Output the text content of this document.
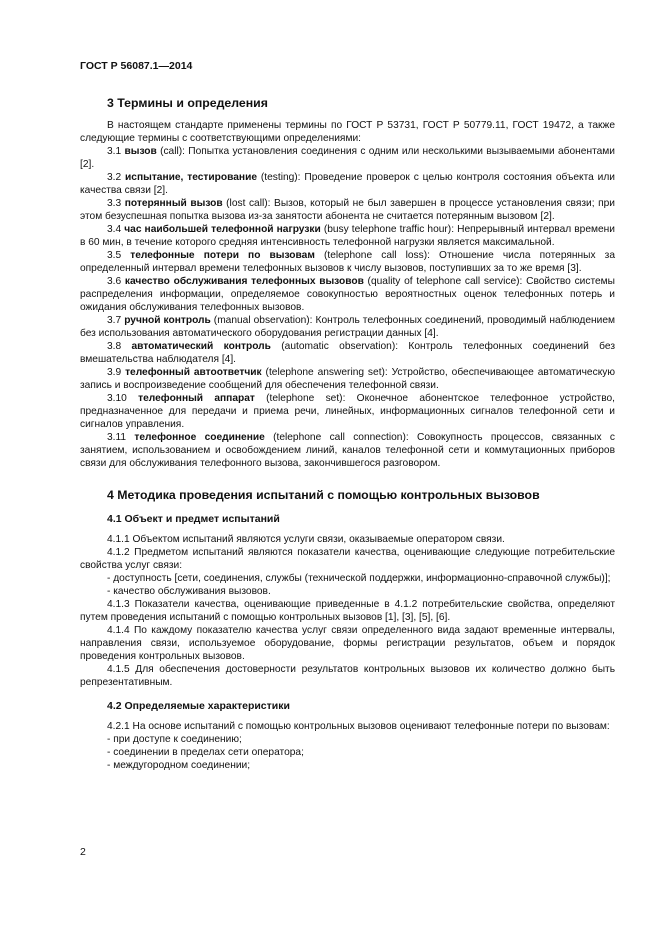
ГОСТ Р 56087.1—2014
3 Термины и определения

В настоящем стандарте применены термины по ГОСТ Р 53731, ГОСТ Р 50779.11, ГОСТ 19472, а также следующие термины с соответствующими определениями:

3.1 вызов (call): Попытка установления соединения с одним или несколькими вызываемыми абонентами [2].

3.2 испытание, тестирование (testing): Проведение проверок с целью контроля состояния объекта или качества связи [2].

3.3 потерянный вызов (lost call): Вызов, который не был завершен в процессе установления связи; при этом безуспешная попытка вызова из-за занятости абонента не считается потерянным вызовом [2].

3.4 час наибольшей телефонной нагрузки (busy telephone traffic hour): Непрерывный интервал времени в 60 мин, в течение которого средняя интенсивность телефонной нагрузки является максимальной.

3.5 телефонные потери по вызовам (telephone call loss): Отношение числа потерянных за определенный интервал времени телефонных вызовов к числу вызовов, поступивших за то же время [3].

3.6 качество обслуживания телефонных вызовов (quality of telephone call service): Свойство системы распределения информации, определяемое совокупностью вероятностных оценок телефонных потерь и ожидания обслуживания телефонных вызовов.

3.7 ручной контроль (manual observation): Контроль телефонных соединений, проводимый наблюдением без использования автоматического оборудования регистрации данных [4].

3.8 автоматический контроль (automatic observation): Контроль телефонных соединений без вмешательства наблюдателя [4].

3.9 телефонный автоответчик (telephone answering set): Устройство, обеспечивающее автоматическую запись и воспроизведение сообщений для обеспечения телефонной связи.

3.10 телефонный аппарат (telephone set): Оконечное абонентское телефонное устройство, предназначенное для передачи и приема речи, линейных, информационных сигналов телефонной сети и сигналов управления.

3.11 телефонное соединение (telephone call connection): Совокупность процессов, связанных с занятием, использованием и освобождением линий, каналов телефонной сети и коммутационных приборов связи для обслуживания телефонного вызова, закончившегося разговором.

4 Методика проведения испытаний с помощью контрольных вызовов
4.1 Объект и предмет испытаний

4.1.1 Объектом испытаний являются услуги связи, оказываемые оператором связи.

4.1.2 Предметом испытаний являются показатели качества, оценивающие следующие потребительские свойства услуг связи:

- доступность [сети, соединения, службы (технической поддержки, информационно-справочной службы)];

- качество обслуживания вызовов.

4.1.3 Показатели качества, оценивающие приведенные в 4.1.2 потребительские свойства, определяют путем проведения испытаний с помощью контрольных вызовов [1], [3], [5], [6].

4.1.4 По каждому показателю качества услуг связи определенного вида задают временные интервалы, направления связи, используемое оборудование, формы регистрации результатов, объем и порядок проведения контрольных вызовов.

4.1.5 Для обеспечения достоверности результатов контрольных вызовов их количество должно быть репрезентативным.

4.2 Определяемые характеристики

4.2.1 На основе испытаний с помощью контрольных вызовов оценивают телефонные потери по вызовам:

- при доступе к соединению;

- соединении в пределах сети оператора;

- междугородном соединении;

2
